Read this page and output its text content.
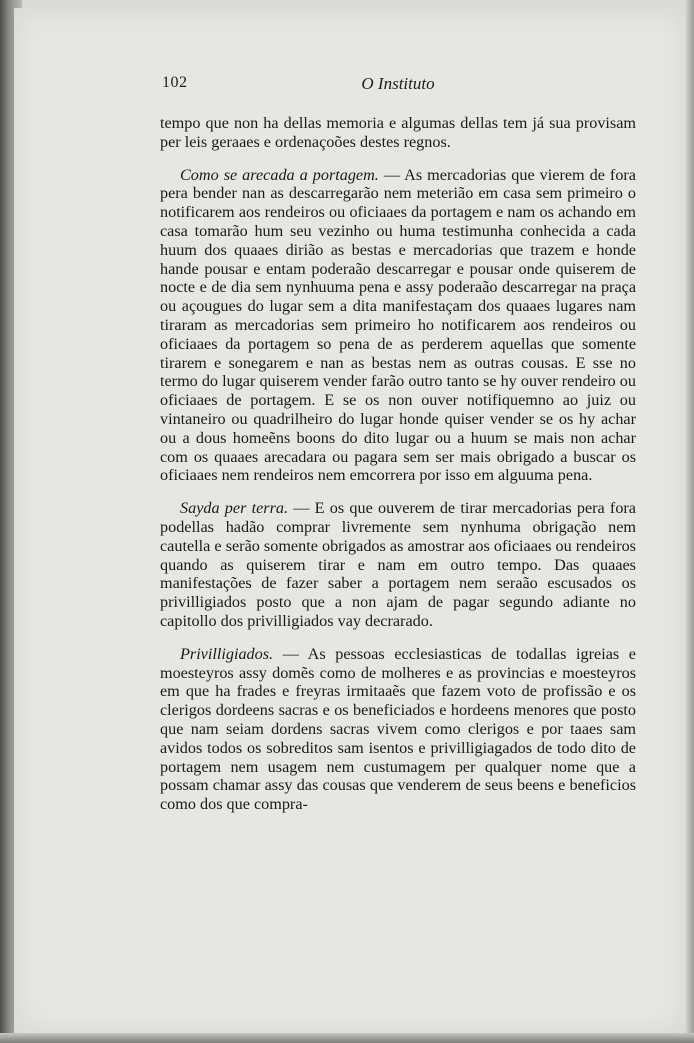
102	O Instituto

tempo que non ha dellas memoria e algumas dellas tem já sua provisam per leis geraaes e ordenaçoões destes regnos.

Como se arecada a portagem. — As mercadorias que vierem de fora pera bender nan as descarregarão nem meterião em casa sem primeiro o notificarem aos rendeiros ou oficiaaes da portagem e nam os achando em casa tomarão hum seu vezinho ou huma testimunha conhecida a cada huum dos quaaes dirião as bestas e mercadorias que trazem e honde hande pousar e entam poderaão descarregar e pousar onde quiserem de nocte e de dia sem nynhuuma pena e assy poderaão descarregar na praça ou açougues do lugar sem a dita manifestaçam dos quaaes lugares nam tiraram as mercadorias sem primeiro ho notificarem aos rendeiros ou oficiaaes da portagem so pena de as perderem aquellas que somente tirarem e sonegarem e nan as bestas nem as outras cousas. E sse no termo do lugar quiserem vender farão outro tanto se hy ouver rendeiro ou oficiaaes de portagem. E se os non ouver notifiquemno ao juiz ou vintaneiro ou quadrilheiro do lugar honde quiser vender se os hy achar ou a dous homeẽns boons do dito lugar ou a huum se mais non achar com os quaaes arecadara ou pagara sem ser mais obrigado a buscar os oficiaaes nem rendeiros nem emcorrera por isso em alguuma pena.

Sayda per terra. — E os que ouverem de tirar mercadorias pera fora podellas hadão comprar livremente sem nynhuma obrigação nem cautella e serão somente obrigados as amostrar aos oficiaaes ou rendeiros quando as quiserem tirar e nam em outro tempo. Das quaaes manifestações de fazer saber a portagem nem seraão escusados os privilligiados posto que a non ajam de pagar segundo adiante no capitollo dos privilligiados vay decrarado.

Privilligiados. — As pessoas ecclesiasticas de todallas igreias e moesteyros assy domẽs como de molheres e as provincias e moesteyros em que ha frades e freyras irmitaaẽs que fazem voto de profissão e os clerigos dordeens sacras e os beneficiados e hordeens menores que posto que nam seiam dordens sacras vivem como clerigos e por taaes sam avidos todos os sobreditos sam isentos e privilligiagados de todo dito de portagem nem usagem nem custumagem per qualquer nome que a possam chamar assy das cousas que venderem de seus beens e beneficios como dos que compra-
